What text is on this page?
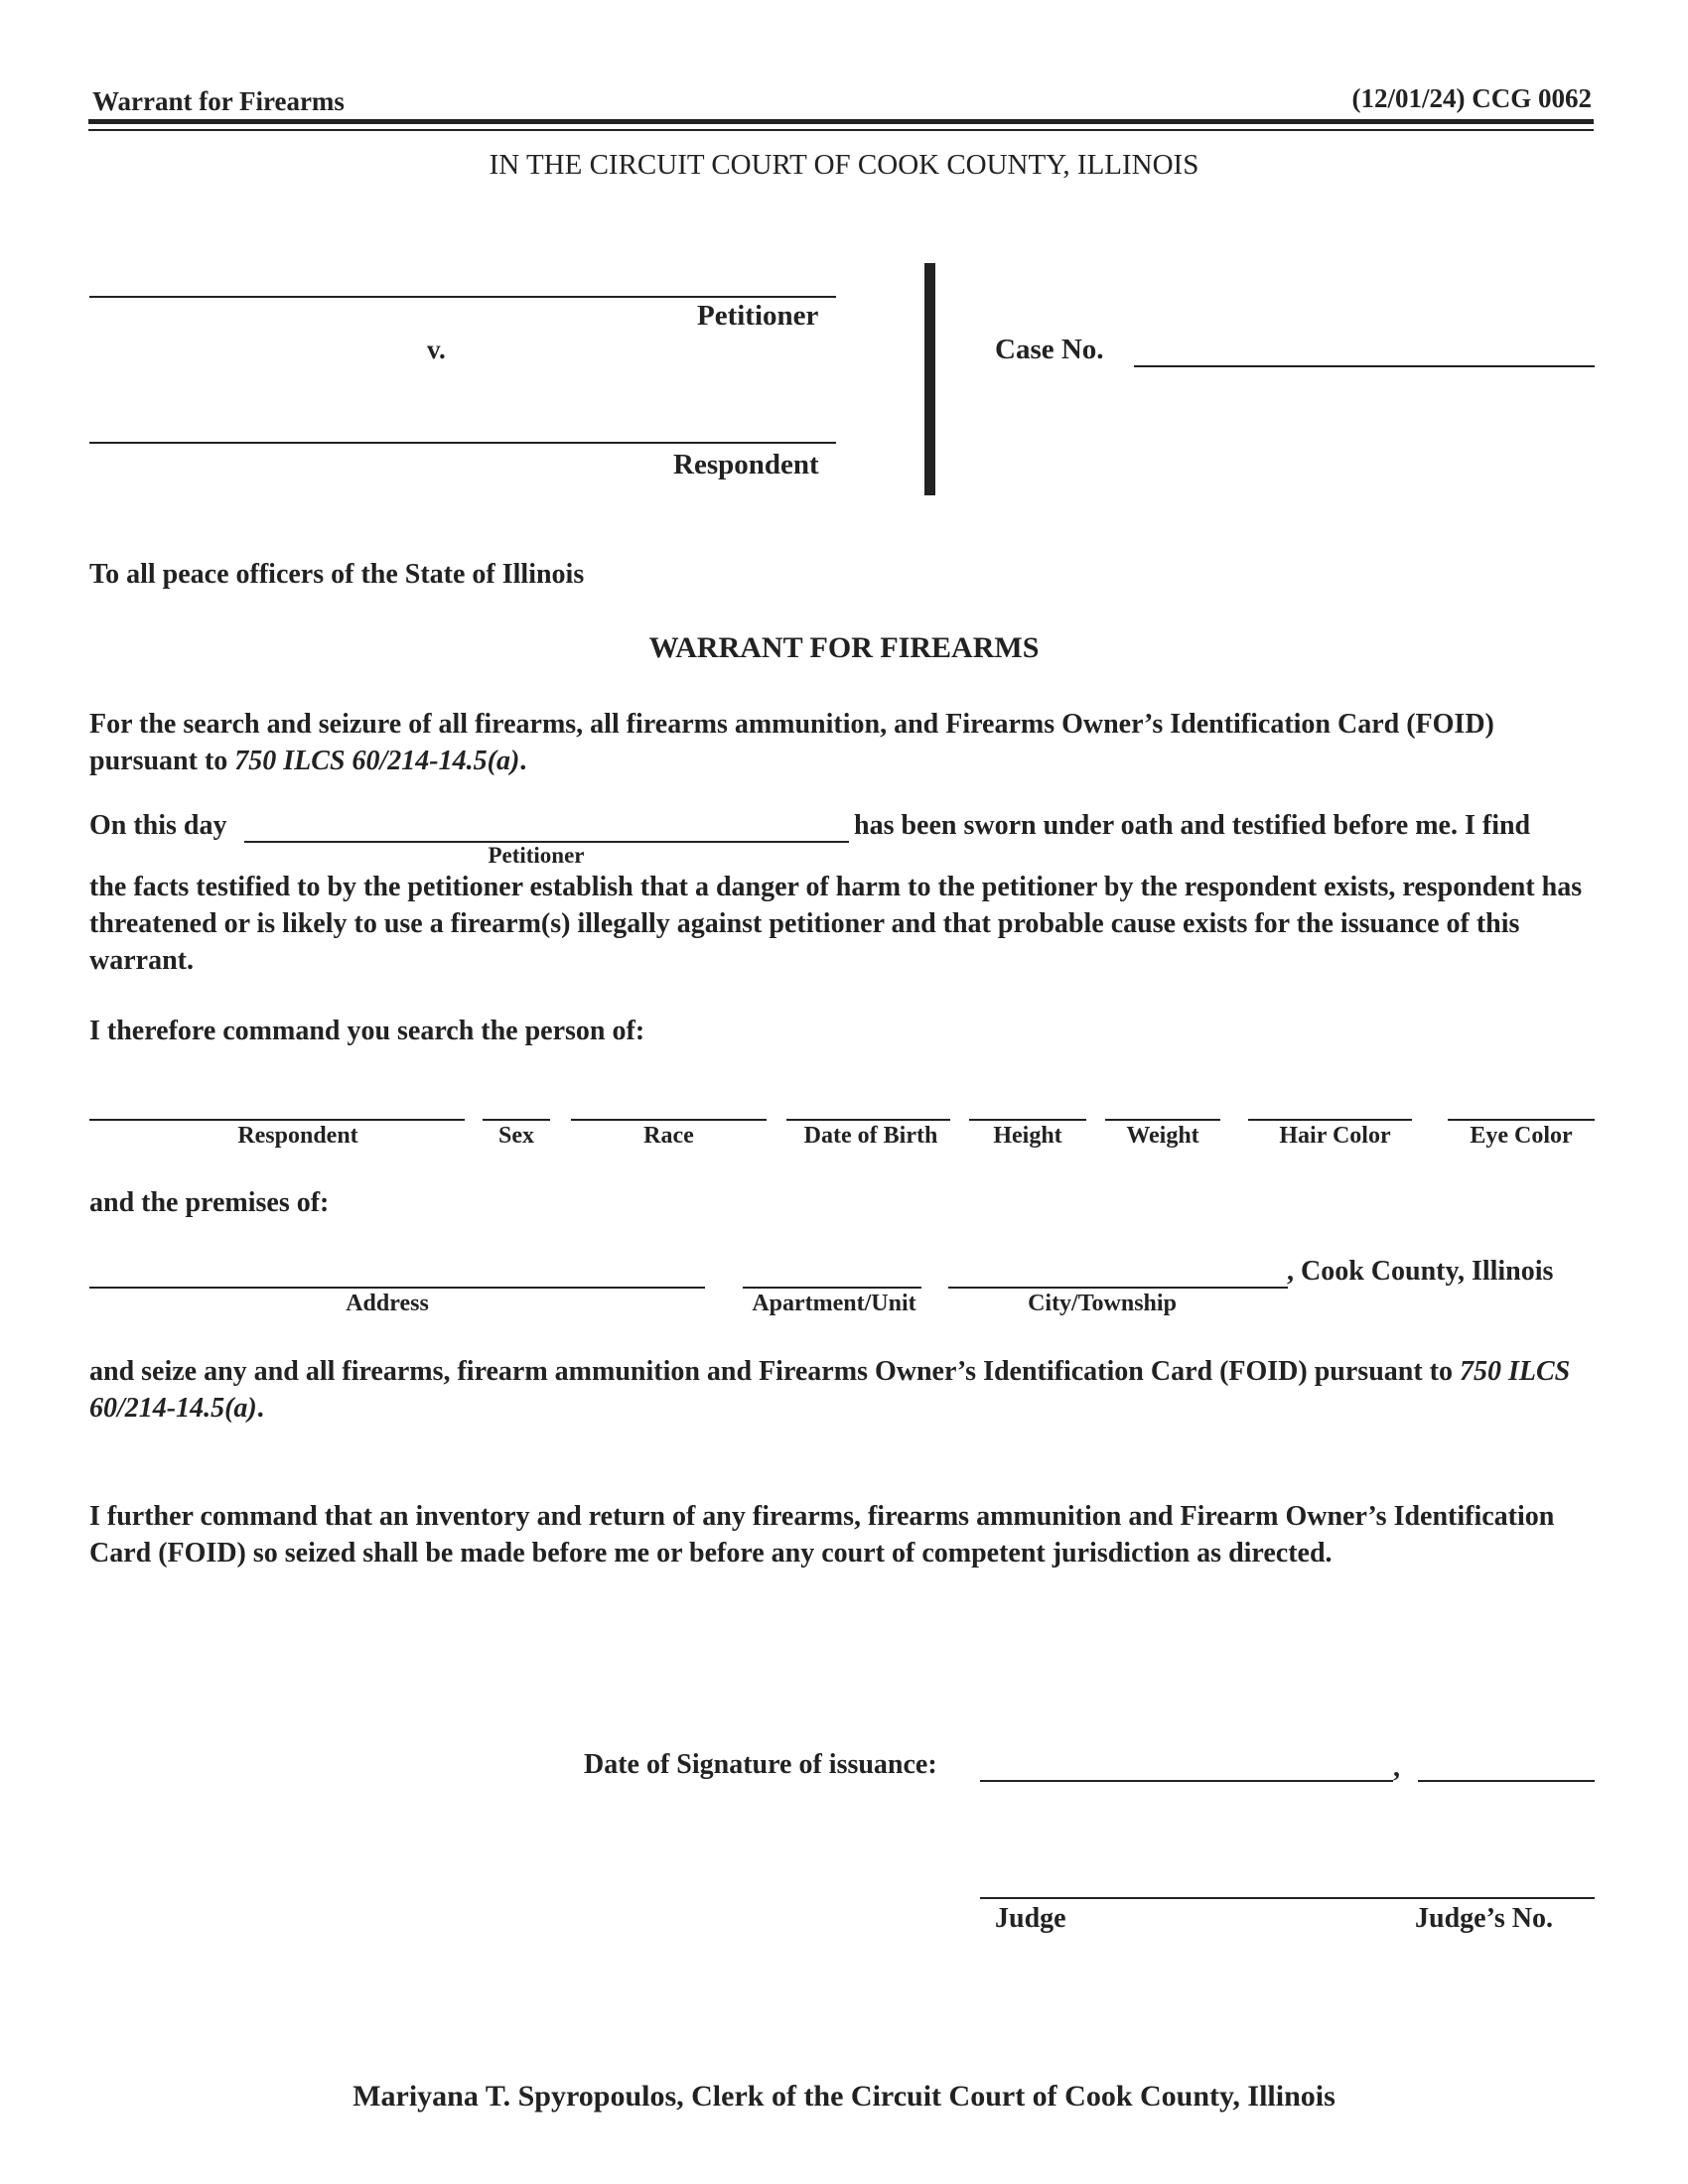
Warrant for Firearms	(12/01/24) CCG 0062
IN THE CIRCUIT COURT OF COOK COUNTY, ILLINOIS
Petitioner
v.
Respondent
Case No.
To all peace officers of the State of Illinois
WARRANT FOR FIREARMS
For the search and seizure of all firearms, all firearms ammunition, and Firearms Owner’s Identification Card (FOID) pursuant to 750 ILCS 60/214-14.5(a).
On this day	has been sworn under oath and testified before me. I find
Petitioner
the facts testified to by the petitioner establish that a danger of harm to the petitioner by the respondent exists, respondent has threatened or is likely to use a firearm(s) illegally against petitioner and that probable cause exists for the issuance of this warrant.
I therefore command you search the person of:
Respondent	Sex	Race	Date of Birth	Height	Weight	Hair Color	Eye Color
and the premises of:
Address	Apartment/Unit	City/Township
, Cook County, Illinois
and seize any and all firearms, firearm ammunition and Firearms Owner’s Identification Card (FOID) pursuant to 750 ILCS 60/214-14.5(a).
I further command that an inventory and return of any firearms, firearms ammunition and Firearm Owner’s Identification Card (FOID) so seized shall be made before me or before any court of competent jurisdiction as directed.
Date of Signature of issuance:	,
Judge	Judge’s No.
Mariyana T. Spyropoulos, Clerk of the Circuit Court of Cook County, Illinois
